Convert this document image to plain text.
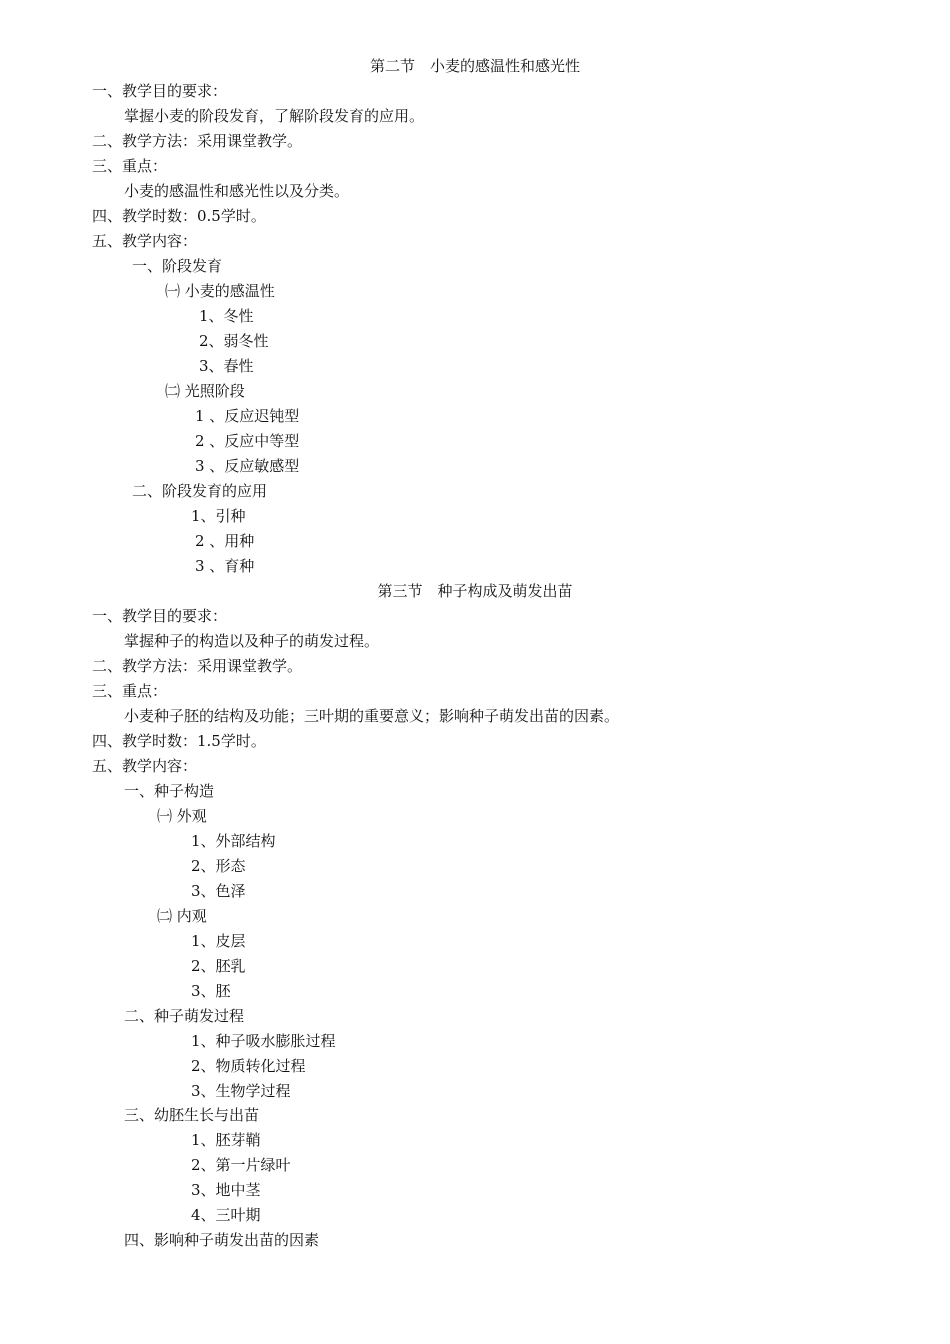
第二节　小麦的感温性和感光性
一、教学目的要求：
掌握小麦的阶段发育，了解阶段发育的应用。
二、教学方法：采用课堂教学。
三、重点：
小麦的感温性和感光性以及分类。
四、教学时数：0.5学时。
五、教学内容：
一、阶段发育
㈠ 小麦的感温性
1、冬性
2、弱冬性
3、春性
㈡ 光照阶段
1 、反应迟钝型
2 、反应中等型
3 、反应敏感型
二、阶段发育的应用
1、引种
2 、用种
3 、育种
第三节　种子构成及萌发出苗
一、教学目的要求：
掌握种子的构造以及种子的萌发过程。
二、教学方法：采用课堂教学。
三、重点：
小麦种子胚的结构及功能；三叶期的重要意义；影响种子萌发出苗的因素。
四、教学时数：1.5学时。
五、教学内容：
一、种子构造
㈠ 外观
1、外部结构
2、形态
3、色泽
㈡ 内观
1、皮层
2、胚乳
3、胚
二、种子萌发过程
1、种子吸水膨胀过程
2、物质转化过程
3、生物学过程
三、幼胚生长与出苗
1、胚芽鞘
2、第一片绿叶
3、地中茎
4、三叶期
四、影响种子萌发出苗的因素
